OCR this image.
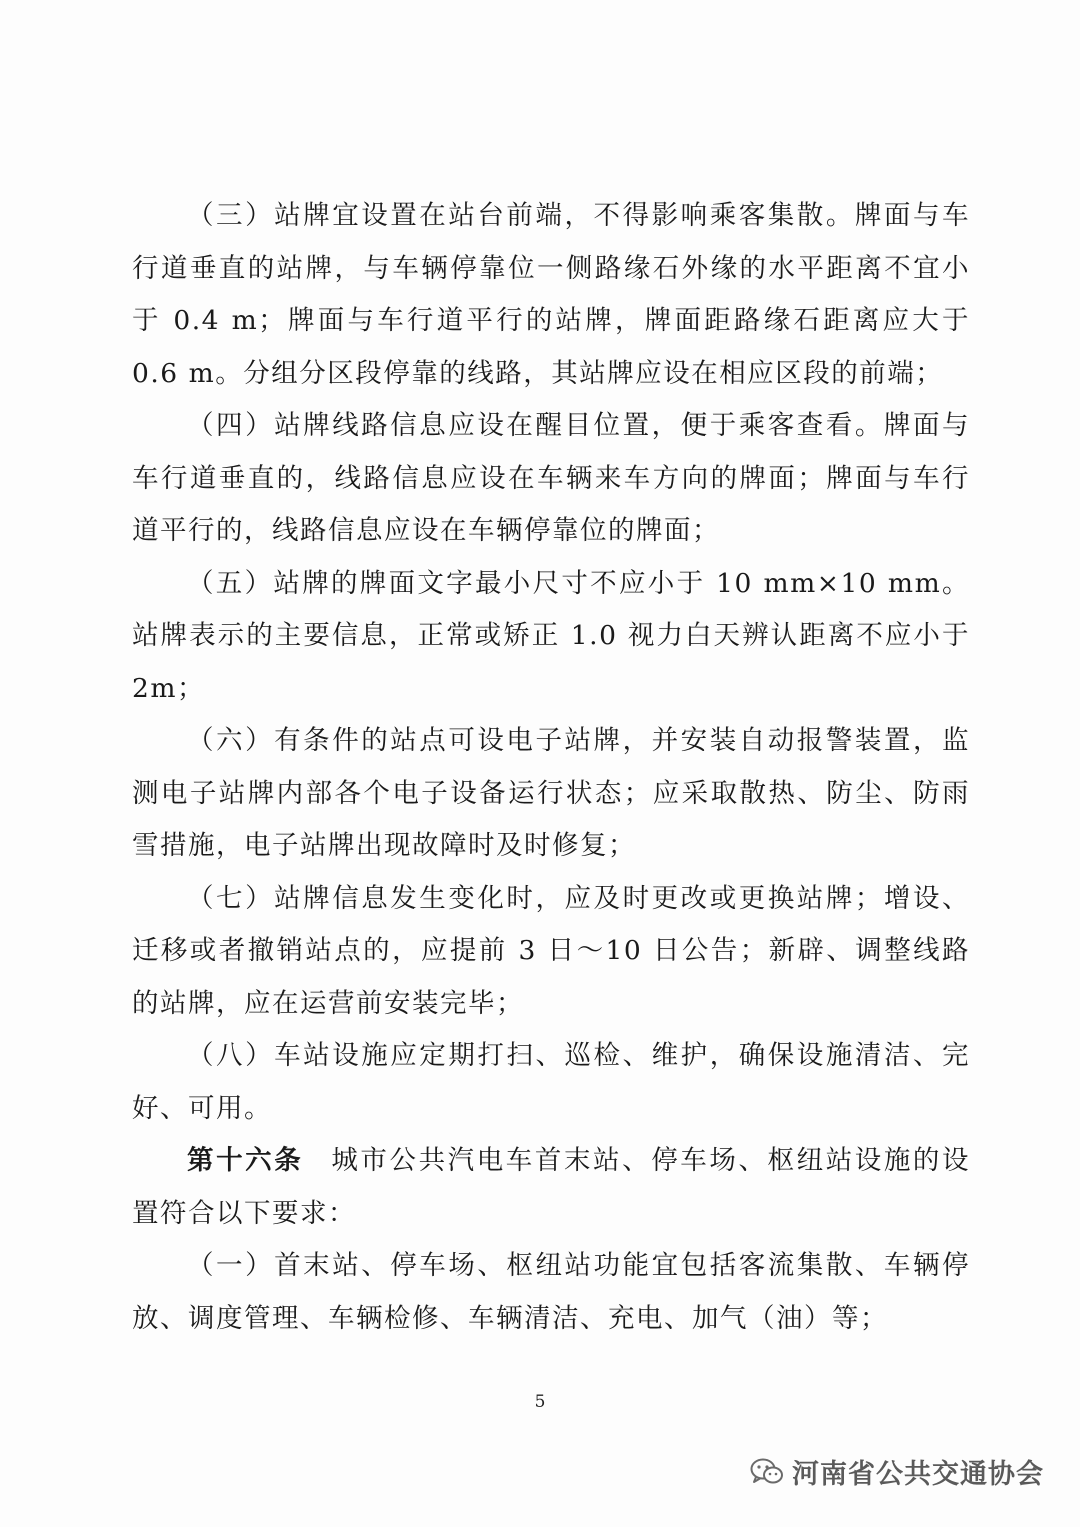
（三）站牌宜设置在站台前端，不得影响乘客集散。牌面与车行道垂直的站牌，与车辆停靠位一侧路缘石外缘的水平距离不宜小于 0.4 m；牌面与车行道平行的站牌，牌面距路缘石距离应大于 0.6 m。分组分区段停靠的线路，其站牌应设在相应区段的前端；

（四）站牌线路信息应设在醒目位置，便于乘客查看。牌面与车行道垂直的，线路信息应设在车辆来车方向的牌面；牌面与车行道平行的，线路信息应设在车辆停靠位的牌面；

（五）站牌的牌面文字最小尺寸不应小于 10 mm×10 mm。站牌表示的主要信息，正常或矫正 1.0 视力白天辨认距离不应小于 2m；

（六）有条件的站点可设电子站牌，并安装自动报警装置，监测电子站牌内部各个电子设备运行状态；应采取散热、防尘、防雨雪措施，电子站牌出现故障时及时修复；

（七）站牌信息发生变化时，应及时更改或更换站牌；增设、迁移或者撤销站点的，应提前 3 日～10 日公告；新辟、调整线路的站牌，应在运营前安装完毕；

（八）车站设施应定期打扫、巡检、维护，确保设施清洁、完好、可用。

第十六条 城市公共汽电车首末站、停车场、枢纽站设施的设置符合以下要求：

（一）首末站、停车场、枢纽站功能宜包括客流集散、车辆停放、调度管理、车辆检修、车辆清洁、充电、加气（油）等；

5
河南省公共交通协会
